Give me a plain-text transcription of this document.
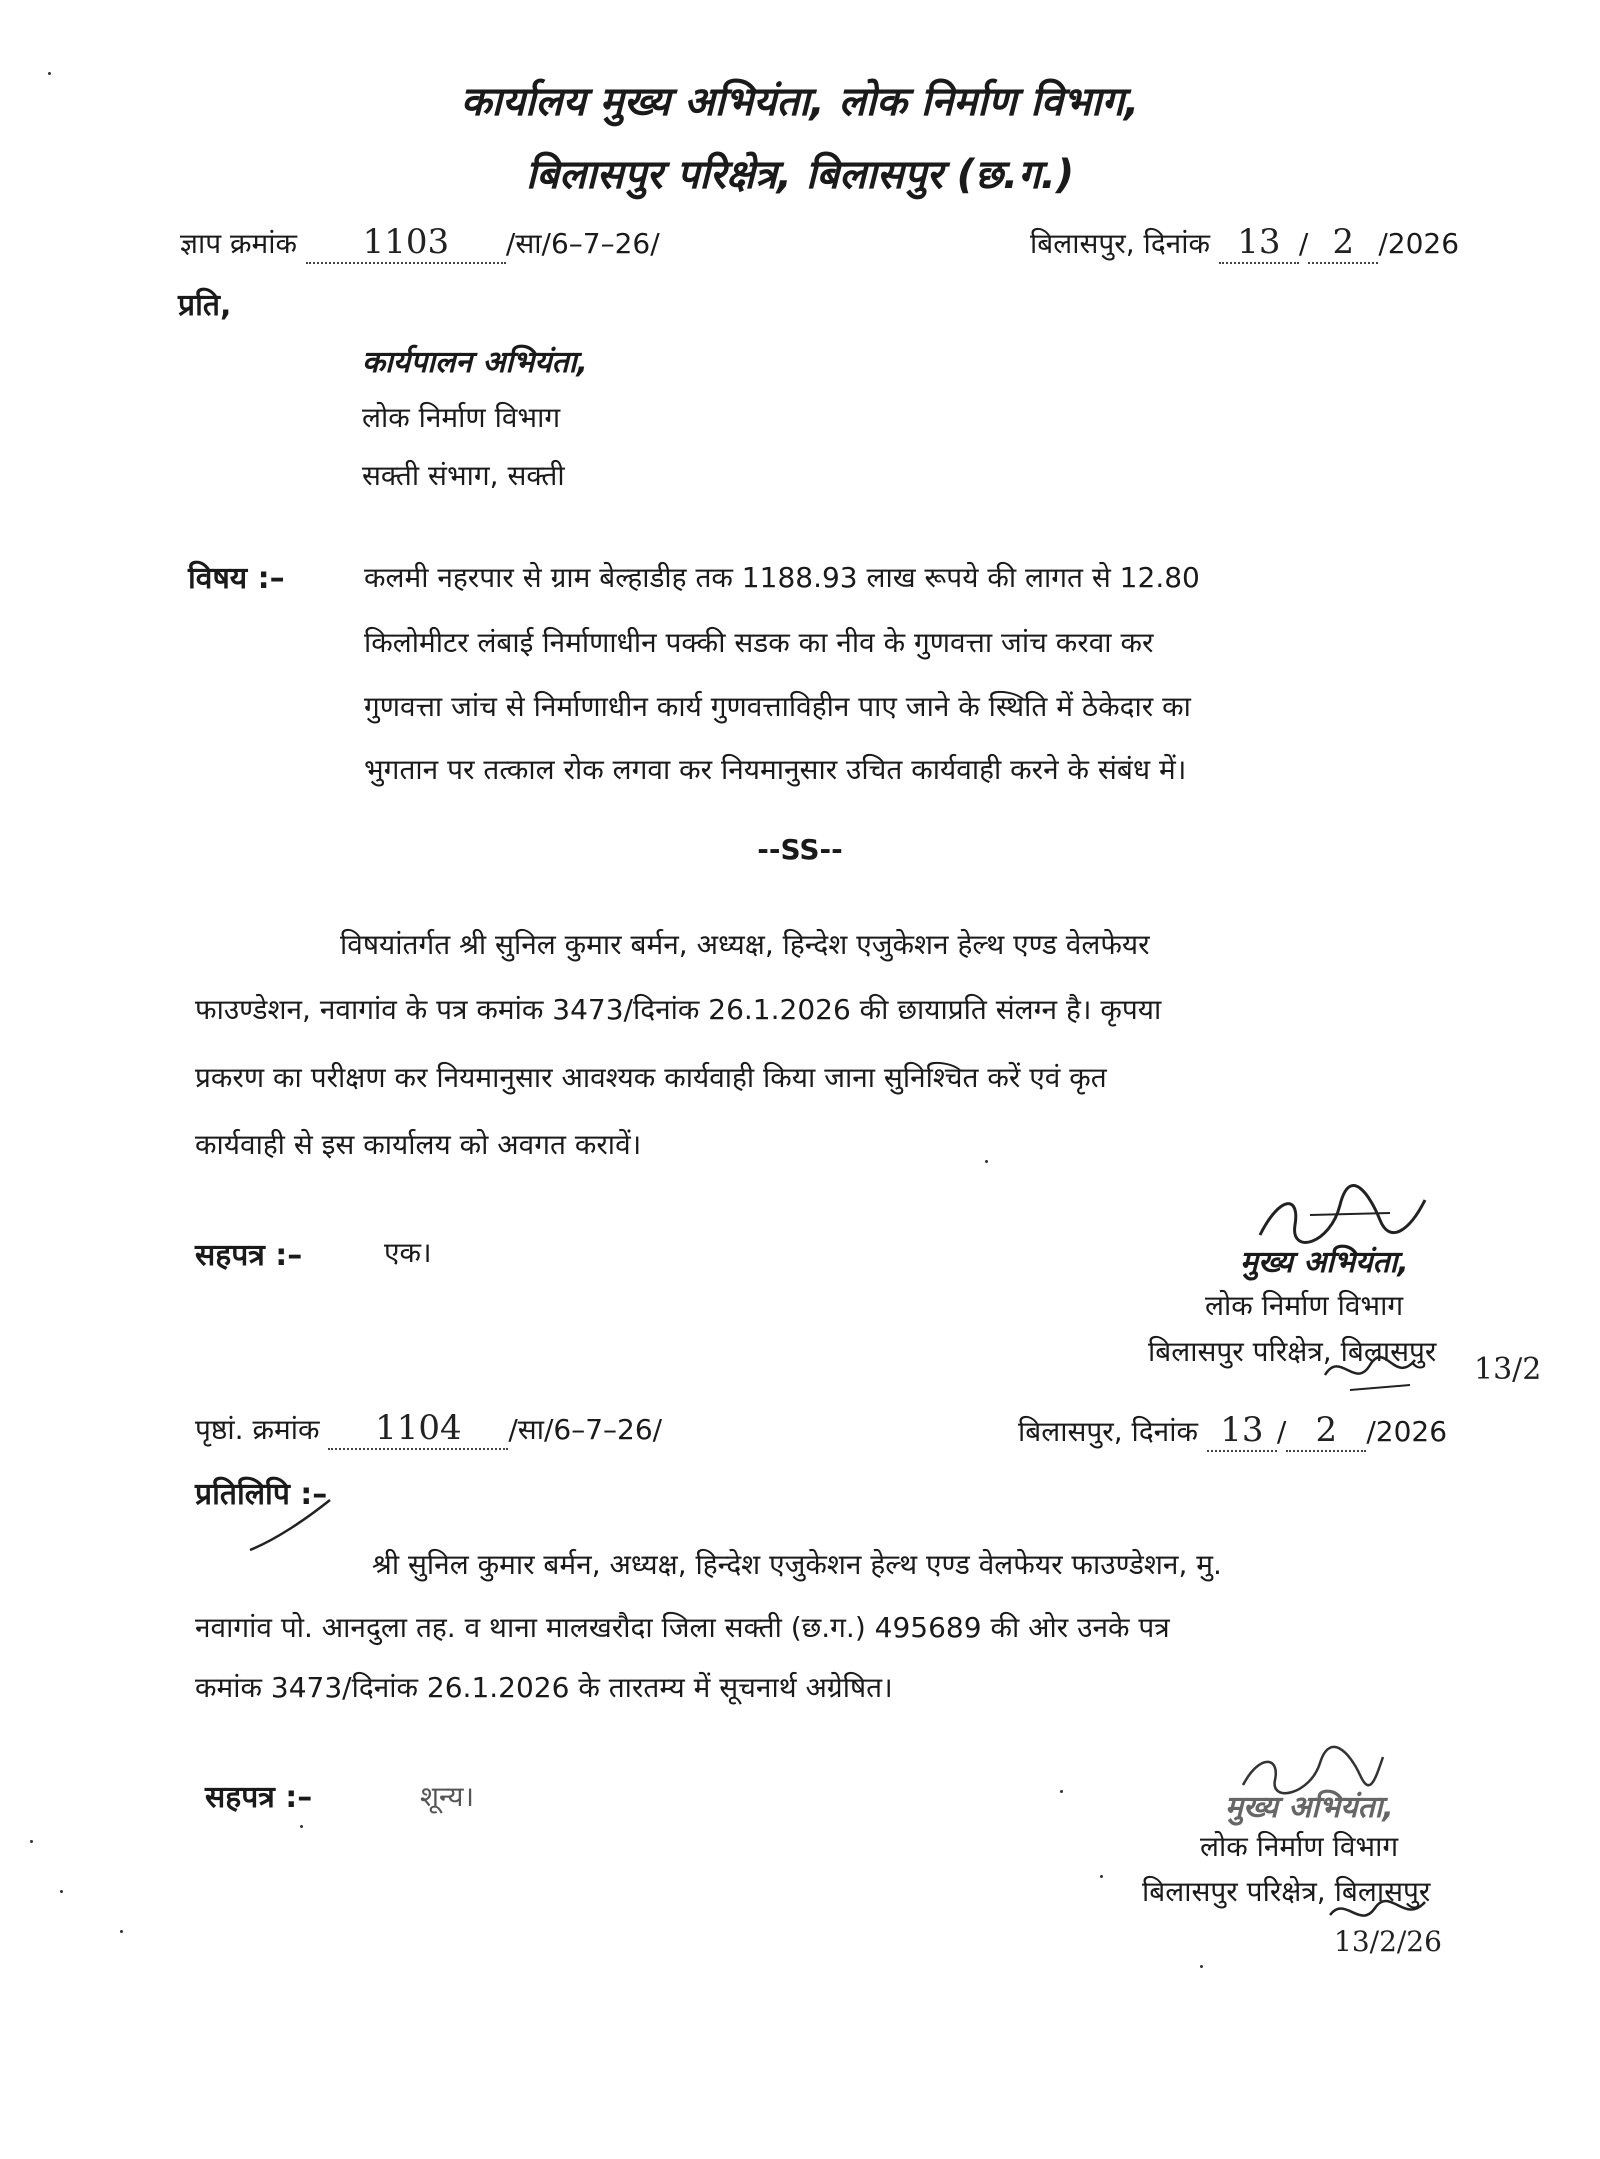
कार्यालय मुख्य अभियंता, लोक निर्माण विभाग,
बिलासपुर परिक्षेत्र, बिलासपुर (छ.ग.)
ज्ञाप क्रमांक 1103 /सा/6–7–26/	बिलासपुर, दिनांक 13 / 2 /2026
प्रति,
कार्यपालन अभियंता,
लोक निर्माण विभाग
सक्ती संभाग, सक्ती
विषय :–	कलमी नहरपार से ग्राम बेल्हाडीह तक 1188.93 लाख रूपये की लागत से 12.80
किलोमीटर लंबाई निर्माणाधीन पक्की सडक का नीव के गुणवत्ता जांच करवा कर
गुणवत्ता जांच से निर्माणाधीन कार्य गुणवत्ताविहीन पाए जाने के स्थिति में ठेकेदार का
भुगतान पर तत्काल रोक लगवा कर नियमानुसार उचित कार्यवाही करने के संबंध में।
--SS--
विषयांतर्गत श्री सुनिल कुमार बर्मन, अध्यक्ष, हिन्देश एजुकेशन हेल्थ एण्ड वेलफेयर
फाउण्डेशन, नवागांव के पत्र कमांक 3473/दिनांक 26.1.2026 की छायाप्रति संलग्न है। कृपया
प्रकरण का परीक्षण कर नियमानुसार आवश्यक कार्यवाही किया जाना सुनिश्चित करें एवं कृत
कार्यवाही से इस कार्यालय को अवगत करावें।
सहपत्र :–	एक।	मुख्य अभियंता,
लोक निर्माण विभाग
बिलासपुर परिक्षेत्र, बिलासपुर
13/2
पृष्ठां. क्रमांक 1104 /सा/6–7–26/	बिलासपुर, दिनांक 13 / 2 /2026
प्रतिलिपि :–
श्री सुनिल कुमार बर्मन, अध्यक्ष, हिन्देश एजुकेशन हेल्थ एण्ड वेलफेयर फाउण्डेशन, मु.
नवागांव पो. आनदुला तह. व थाना मालखरौदा जिला सक्ती (छ.ग.) 495689 की ओर उनके पत्र
कमांक 3473/दिनांक 26.1.2026 के तारतम्य में सूचनार्थ अग्रेषित।
सहपत्र :–	शून्य।	मुख्य अभियंता,
लोक निर्माण विभाग
बिलासपुर परिक्षेत्र, बिलासपुर
13/2/26
